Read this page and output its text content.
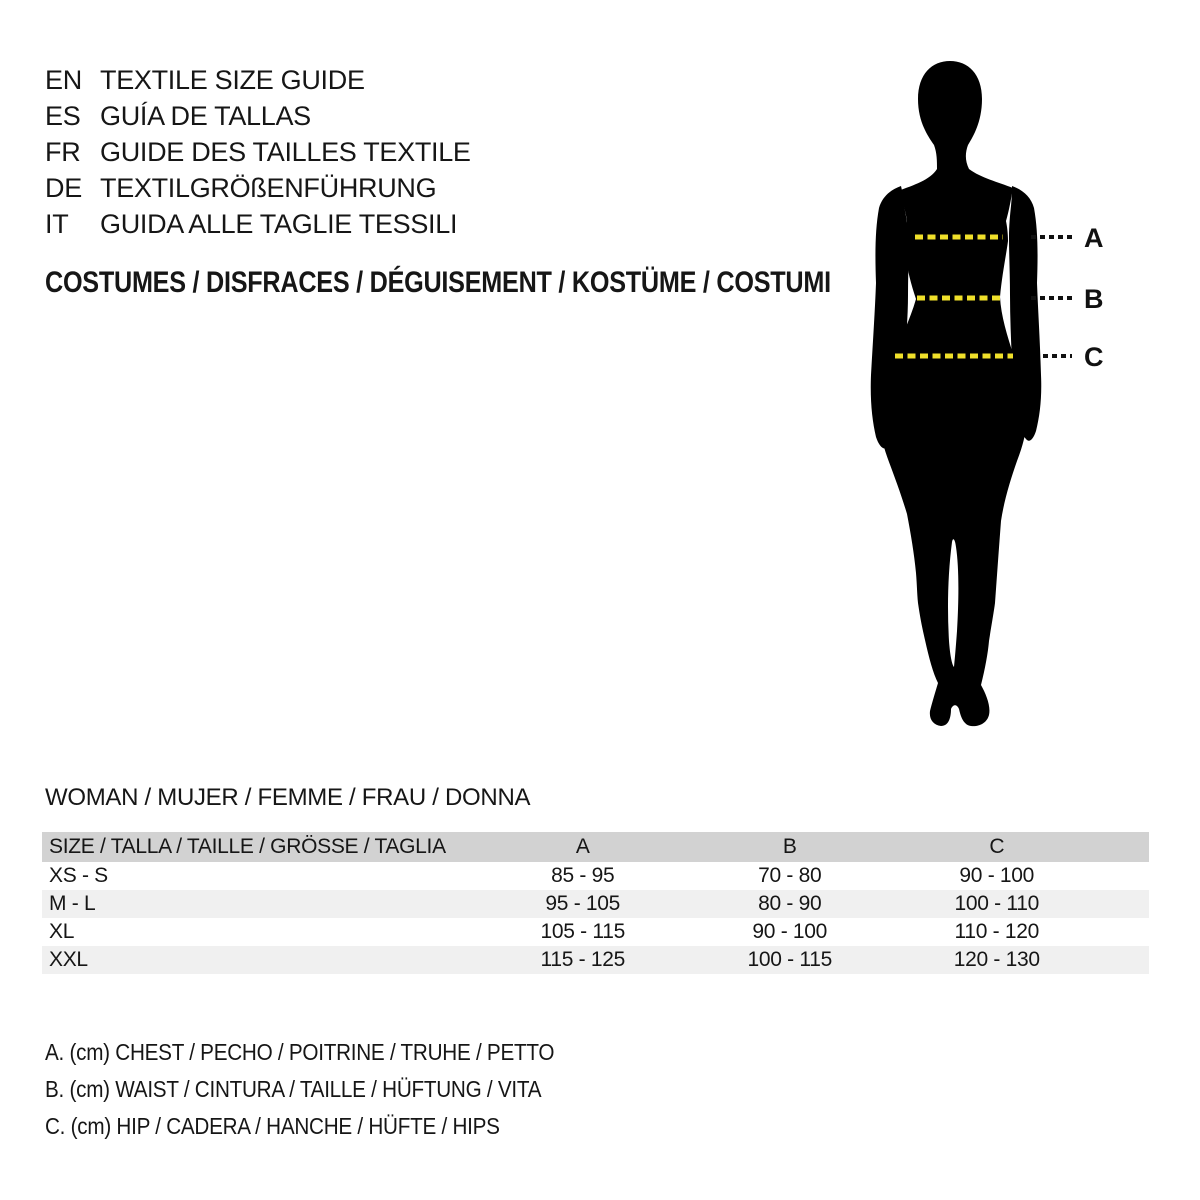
EN TEXTILE SIZE GUIDE
ES GUÍA DE TALLAS
FR GUIDE DES TAILLES TEXTILE
DE TEXTILGRÖßENFÜHRUNG
IT	GUIDA ALLE TAGLIE TESSILI
COSTUMES / DISFRACES / DÉGUISEMENT / KOSTÜME / COSTUMI
A
B
C
WOMAN / MUJER / FEMME / FRAU / DONNA
SIZE / TALLA / TAILLE / GRÖSSE / TAGLIA	A	B	C
XS - S	85 - 95	70 - 80	90 - 100
M - L	95 - 105	80 - 90	100 - 110
XL	105 - 115	90 - 100	110 - 120
XXL	115 - 125	100 - 115	120 - 130
A. (cm) CHEST / PECHO / POITRINE / TRUHE / PETTO
B. (cm) WAIST / CINTURA / TAILLE / HÜFTUNG / VITA
C. (cm) HIP / CADERA / HANCHE / HÜFTE / HIPS
